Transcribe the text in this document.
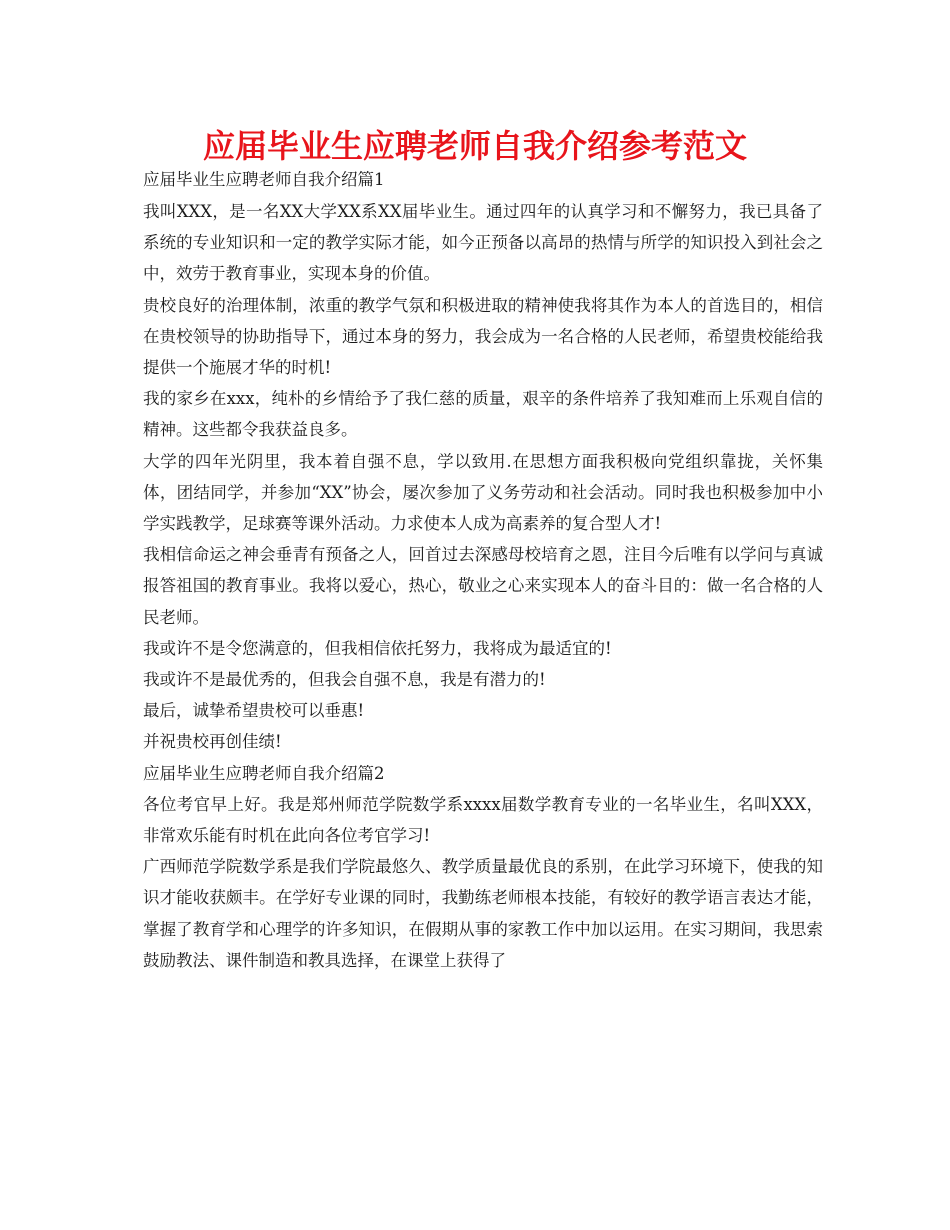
应届毕业生应聘老师自我介绍参考范文

应届毕业生应聘老师自我介绍篇1

我叫XXX，是一名XX大学XX系XX届毕业生。通过四年的认真学习和不懈努力，我已具备了系统的专业知识和一定的教学实际才能，如今正预备以高昂的热情与所学的知识投入到社会之中，效劳于教育事业，实现本身的价值。

贵校良好的治理体制，浓重的教学气氛和积极进取的精神使我将其作为本人的首选目的，相信在贵校领导的协助指导下，通过本身的努力，我会成为一名合格的人民老师，希望贵校能给我提供一个施展才华的时机!

我的家乡在xxx，纯朴的乡情给予了我仁慈的质量，艰辛的条件培养了我知难而上乐观自信的精神。这些都令我获益良多。

大学的四年光阴里，我本着自强不息，学以致用.在思想方面我积极向党组织靠拢，关怀集体，团结同学，并参加“XX”协会，屡次参加了义务劳动和社会活动。同时我也积极参加中小学实践教学，足球赛等课外活动。力求使本人成为高素养的复合型人才!

我相信命运之神会垂青有预备之人，回首过去深感母校培育之恩，注目今后唯有以学问与真诚报答祖国的教育事业。我将以爱心，热心，敬业之心来实现本人的奋斗目的：做一名合格的人民老师。

我或许不是令您满意的，但我相信依托努力，我将成为最适宜的!

我或许不是最优秀的，但我会自强不息，我是有潜力的!

最后，诚挚希望贵校可以垂惠!

并祝贵校再创佳绩!

应届毕业生应聘老师自我介绍篇2

各位考官早上好。我是郑州师范学院数学系xxxx届数学教育专业的一名毕业生，名叫XXX，非常欢乐能有时机在此向各位考官学习!

广西师范学院数学系是我们学院最悠久、教学质量最优良的系别，在此学习环境下，使我的知识才能收获颇丰。在学好专业课的同时，我勤练老师根本技能，有较好的教学语言表达才能，掌握了教育学和心理学的许多知识，在假期从事的家教工作中加以运用。在实习期间，我思索鼓励教法、课件制造和教具选择，在课堂上获得了
